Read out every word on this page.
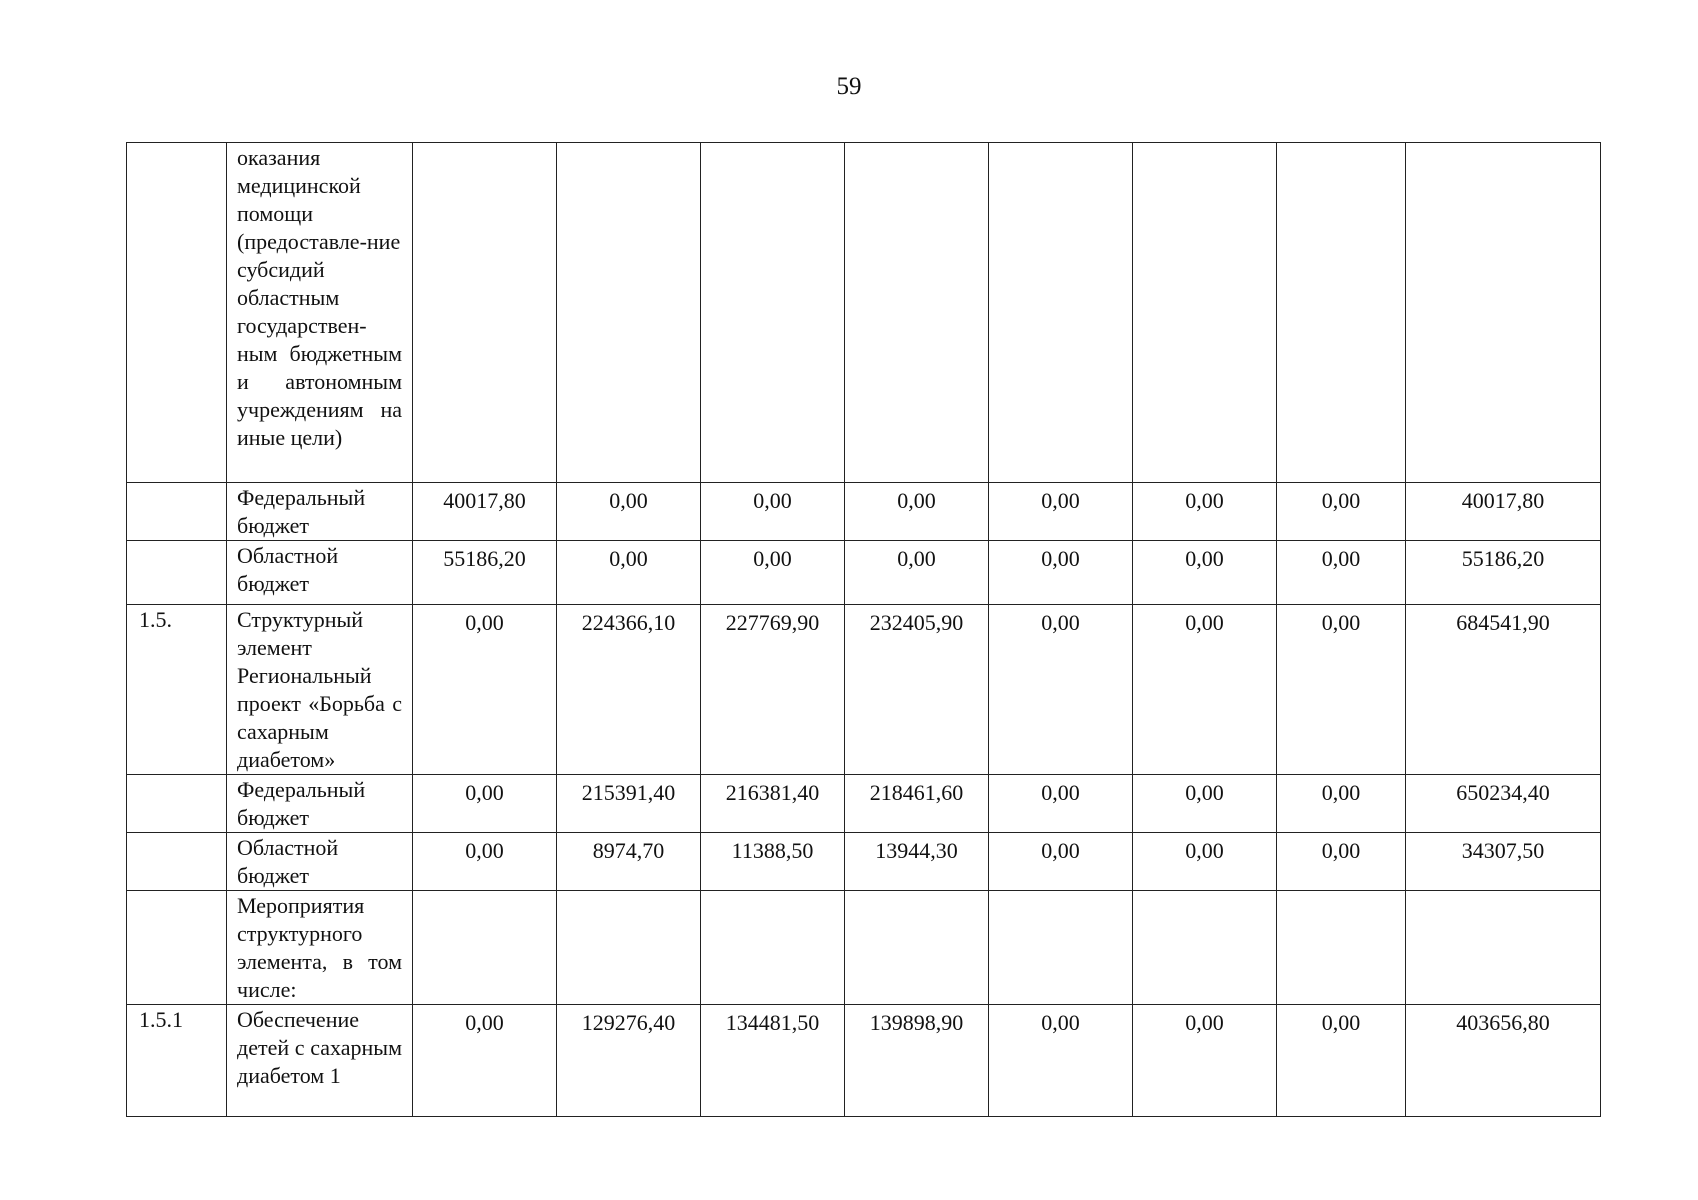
59
	оказания медицинской помощи (предоставле-ние субсидий областным государствен-ным бюджетным и автономным учреждениям на иные цели)								
	Федеральный бюджет	40017,80	0,00	0,00	0,00	0,00	0,00	0,00	40017,80
	Областной бюджет	55186,20	0,00	0,00	0,00	0,00	0,00	0,00	55186,20
1.5.	Структурный элемент Региональный проект «Борьба с сахарным диабетом»	0,00	224366,10	227769,90	232405,90	0,00	0,00	0,00	684541,90
	Федеральный бюджет	0,00	215391,40	216381,40	218461,60	0,00	0,00	0,00	650234,40
	Областной бюджет	0,00	8974,70	11388,50	13944,30	0,00	0,00	0,00	34307,50
	Мероприятия структурного элемента, в том числе:								
1.5.1	Обеспечение детей с сахарным диабетом 1	0,00	129276,40	134481,50	139898,90	0,00	0,00	0,00	403656,80
